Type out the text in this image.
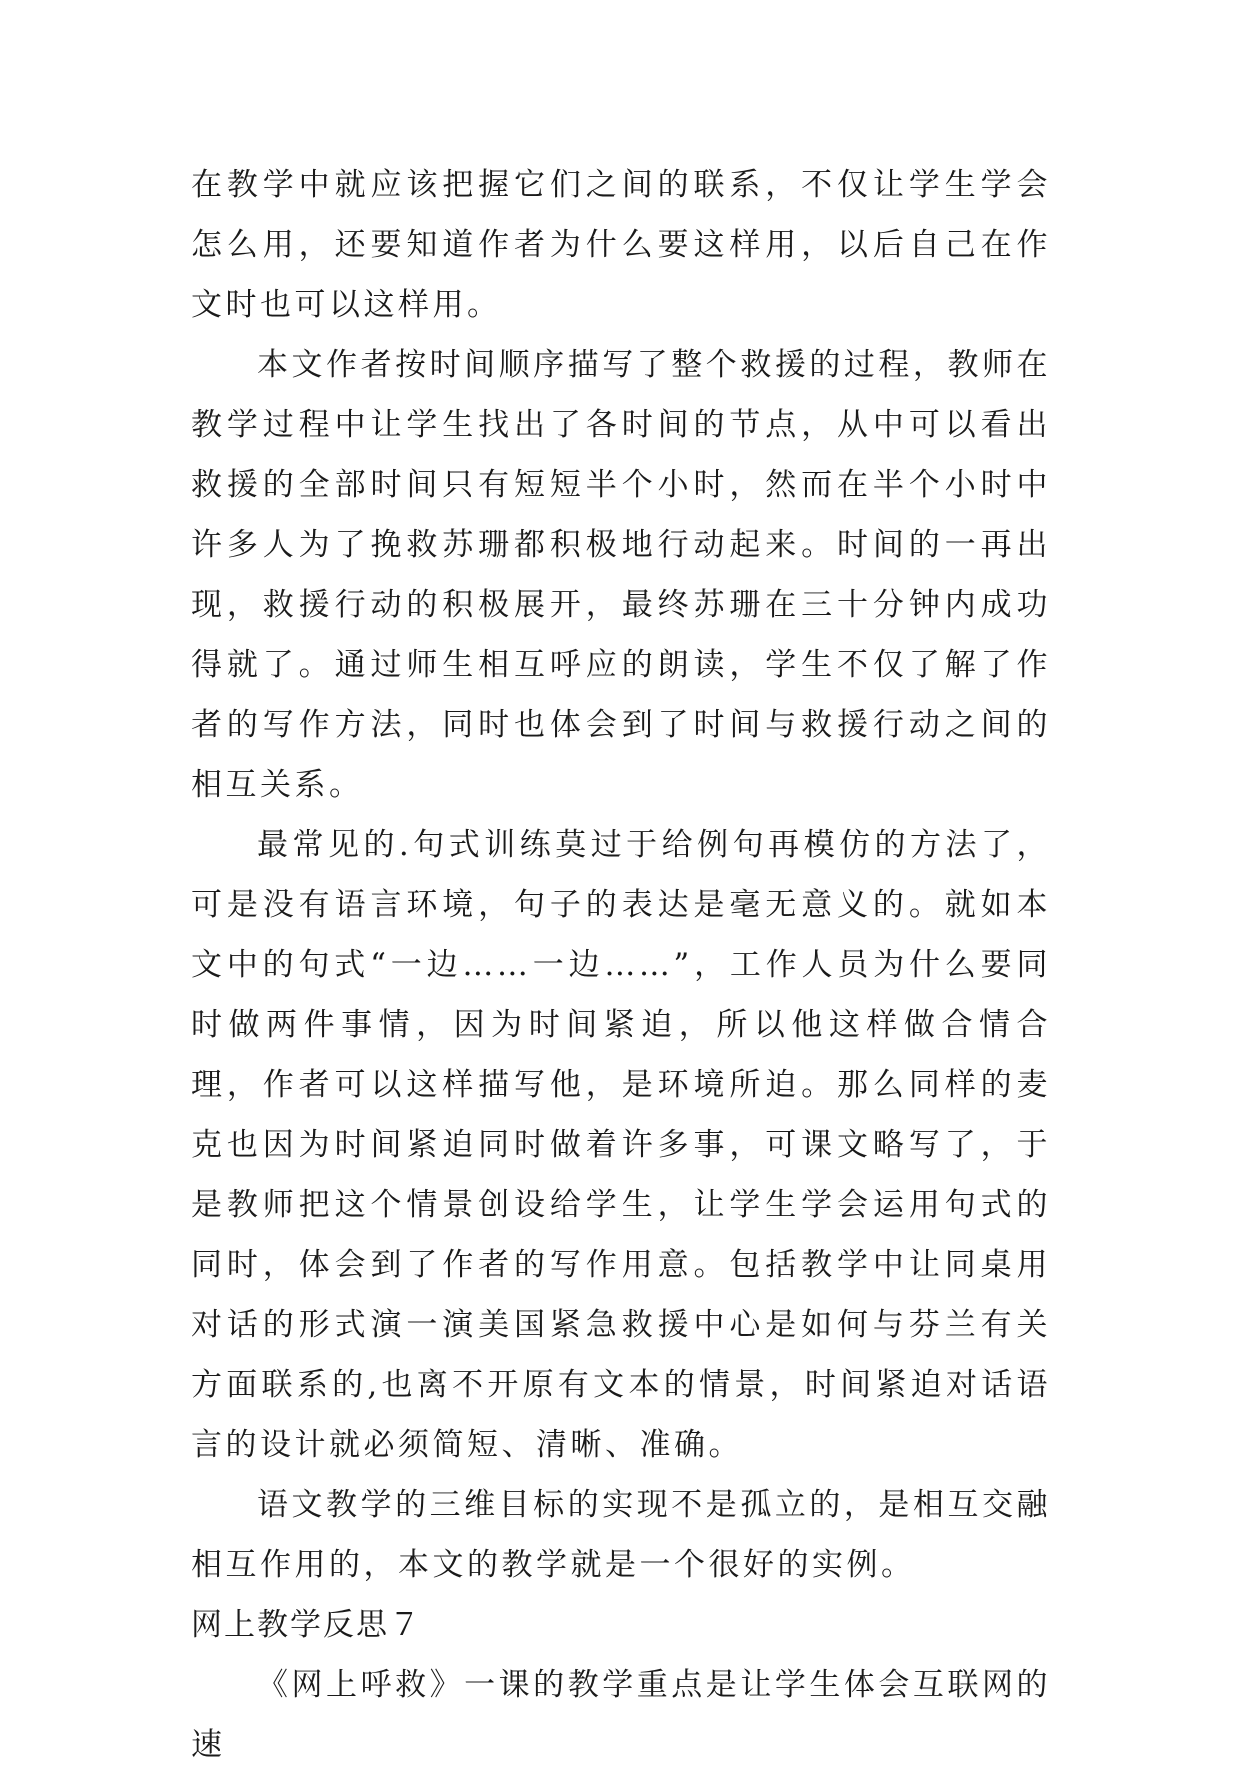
在教学中就应该把握它们之间的联系，不仅让学生学会怎么用，还要知道作者为什么要这样用，以后自己在作文时也可以这样用。

本文作者按时间顺序描写了整个救援的过程，教师在教学过程中让学生找出了各时间的节点，从中可以看出救援的全部时间只有短短半个小时，然而在半个小时中许多人为了挽救苏珊都积极地行动起来。时间的一再出现，救援行动的积极展开，最终苏珊在三十分钟内成功得就了。通过师生相互呼应的朗读，学生不仅了解了作者的写作方法，同时也体会到了时间与救援行动之间的相互关系。

最常见的.句式训练莫过于给例句再模仿的方法了，可是没有语言环境，句子的表达是毫无意义的。就如本文中的句式“一边……一边……”，工作人员为什么要同时做两件事情，因为时间紧迫，所以他这样做合情合理，作者可以这样描写他，是环境所迫。那么同样的麦克也因为时间紧迫同时做着许多事，可课文略写了，于是教师把这个情景创设给学生，让学生学会运用句式的同时，体会到了作者的写作用意。包括教学中让同桌用对话的形式演一演美国紧急救援中心是如何与芬兰有关方面联系的,也离不开原有文本的情景，时间紧迫对话语言的设计就必须简短、清晰、准确。

语文教学的三维目标的实现不是孤立的，是相互交融相互作用的，本文的教学就是一个很好的实例。

网上教学反思７

《网上呼救》一课的教学重点是让学生体会互联网的速
